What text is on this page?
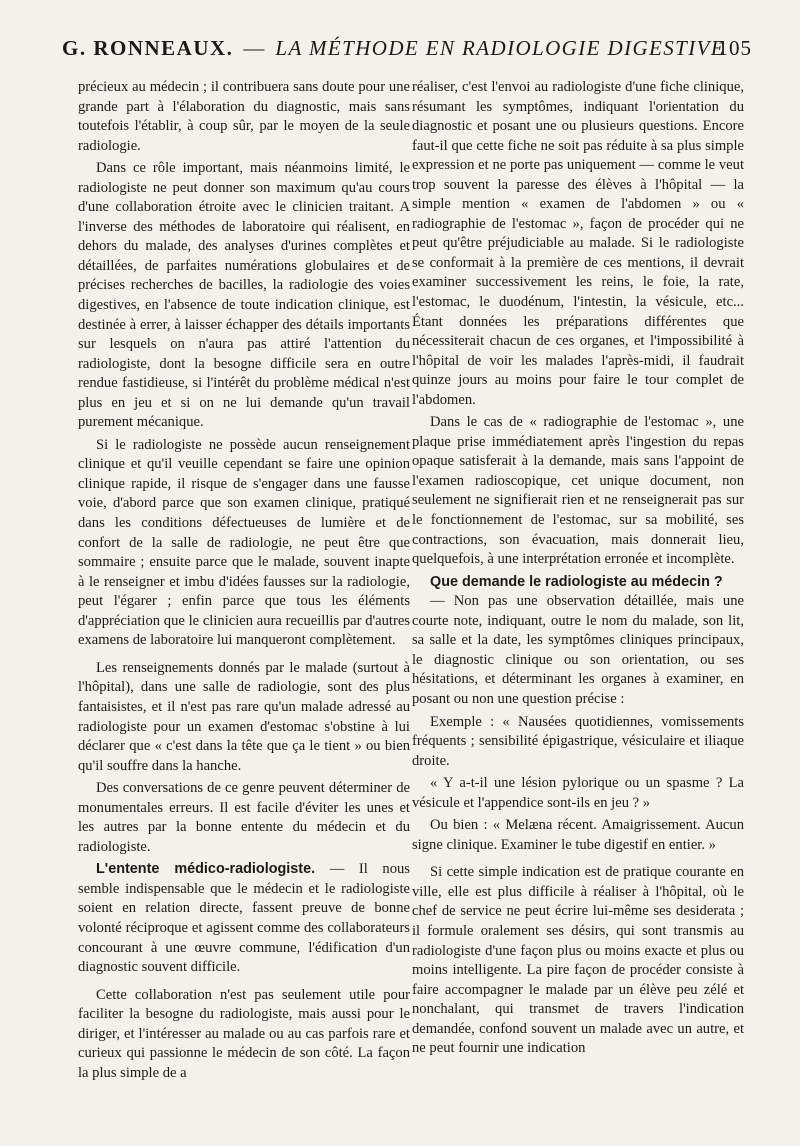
G. RONNEAUX. — LA MÉTHODE EN RADIOLOGIE DIGESTIVE
105

précieux au médecin ; il contribuera sans doute pour une grande part à l'élaboration du diagnostic, mais sans toutefois l'établir, à coup sûr, par le moyen de la seule radiologie.

Dans ce rôle important, mais néanmoins limité, le radiologiste ne peut donner son maximum qu'au cours d'une collaboration étroite avec le clinicien traitant. A l'inverse des méthodes de laboratoire qui réalisent, en dehors du malade, des analyses d'urines complètes et détaillées, de parfaites numérations globulaires et de précises recherches de bacilles, la radiologie des voies digestives, en l'absence de toute indication clinique, est destinée à errer, à laisser échapper des détails importants sur lesquels on n'aura pas attiré l'attention du radiologiste, dont la besogne difficile sera en outre rendue fastidieuse, si l'intérêt du problème médical n'est plus en jeu et si on ne lui demande qu'un travail purement mécanique.

Si le radiologiste ne possède aucun renseignement clinique et qu'il veuille cependant se faire une opinion clinique rapide, il risque de s'engager dans une fausse voie, d'abord parce que son examen clinique, pratiqué dans les conditions défectueuses de lumière et de confort de la salle de radiologie, ne peut être que sommaire ; ensuite parce que le malade, souvent inapte à le renseigner et imbu d'idées fausses sur la radiologie, peut l'égarer ; enfin parce que tous les éléments d'appréciation que le clinicien aura recueillis par d'autres examens de laboratoire lui manqueront complètement.

Les renseignements donnés par le malade (surtout à l'hôpital), dans une salle de radiologie, sont des plus fantaisistes, et il n'est pas rare qu'un malade adressé au radiologiste pour un examen d'estomac s'obstine à lui déclarer que « c'est dans la tête que ça le tient » ou bien qu'il souffre dans la hanche.

Des conversations de ce genre peuvent déterminer de monumentales erreurs. Il est facile d'éviter les unes et les autres par la bonne entente du médecin et du radiologiste.

L'entente médico-radiologiste. — Il nous semble indispensable que le médecin et le radiologiste soient en relation directe, fassent preuve de bonne volonté réciproque et agissent comme des collaborateurs concourant à une œuvre commune, l'édification d'un diagnostic souvent difficile.

Cette collaboration n'est pas seulement utile pour faciliter la besogne du radiologiste, mais aussi pour le diriger, et l'intéresser au malade ou au cas parfois rare et curieux qui passionne le médecin de son côté. La façon la plus simple de a

réaliser, c'est l'envoi au radiologiste d'une fiche clinique, résumant les symptômes, indiquant l'orientation du diagnostic et posant une ou plusieurs questions. Encore faut-il que cette fiche ne soit pas réduite à sa plus simple expression et ne porte pas uniquement — comme le veut trop souvent la paresse des élèves à l'hôpital — la simple mention « examen de l'abdomen » ou « radiographie de l'estomac », façon de procéder qui ne peut qu'être préjudiciable au malade. Si le radiologiste se conformait à la première de ces mentions, il devrait examiner successivement les reins, le foie, la rate, l'estomac, le duodénum, l'intestin, la vésicule, etc... Étant données les préparations différentes que nécessiterait chacun de ces organes, et l'impossibilité à l'hôpital de voir les malades l'après-midi, il faudrait quinze jours au moins pour faire le tour complet de l'abdomen.

Dans le cas de « radiographie de l'estomac », une plaque prise immédiatement après l'ingestion du repas opaque satisferait à la demande, mais sans l'appoint de l'examen radioscopique, cet unique document, non seulement ne signifierait rien et ne renseignerait pas sur le fonctionnement de l'estomac, sur sa mobilité, ses contractions, son évacuation, mais donnerait lieu, quelquefois, à une interprétation erronée et incomplète.

Que demande le radiologiste au médecin ?

— Non pas une observation détaillée, mais une courte note, indiquant, outre le nom du malade, son lit, sa salle et la date, les symptômes cliniques principaux, le diagnostic clinique ou son orientation, ou ses hésitations, et déterminant les organes à examiner, en posant ou non une question précise :

Exemple : « Nausées quotidiennes, vomissements fréquents ; sensibilité épigastrique, vésiculaire et iliaque droite.

« Y a-t-il une lésion pylorique ou un spasme ? La vésicule et l'appendice sont-ils en jeu ? »

Ou bien : « Melæna récent. Amaigrissement. Aucun signe clinique. Examiner le tube digestif en entier. »

Si cette simple indication est de pratique courante en ville, elle est plus difficile à réaliser à l'hôpital, où le chef de service ne peut écrire lui-même ses desiderata ; il formule oralement ses désirs, qui sont transmis au radiologiste d'une façon plus ou moins exacte et plus ou moins intelligente. La pire façon de procéder consiste à faire accompagner le malade par un élève peu zélé et nonchalant, qui transmet de travers l'indication demandée, confond souvent un malade avec un autre, et ne peut fournir une indication
